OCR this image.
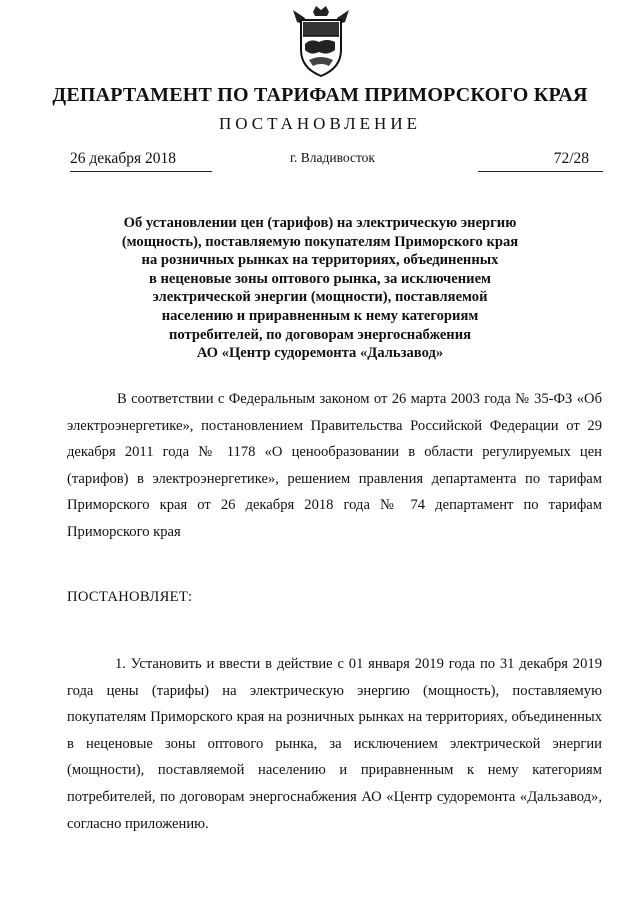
ДЕПАРТАМЕНТ ПО ТАРИФАМ ПРИМОРСКОГО КРАЯ
ПОСТАНОВЛЕНИЕ
26 декабря 2018	г. Владивосток	72/28
Об установлении цен (тарифов) на электрическую энергию
(мощность), поставляемую покупателям Приморского края
на розничных рынках на территориях, объединенных
в неценовые зоны оптового рынка, за исключением
электрической энергии (мощности), поставляемой
населению и приравненным к нему категориям
потребителей, по договорам энергоснабжения
АО «Центр судоремонта «Дальзавод»
В соответствии с Федеральным законом от 26 марта 2003 года № 35-ФЗ «Об электроэнергетике», постановлением Правительства Российской Федерации от 29 декабря 2011 года № 1178 «О ценообразовании в области регулируемых цен (тарифов) в электроэнергетике», решением правления департамента по тарифам Приморского края от 26 декабря 2018 года № 74 департамент по тарифам Приморского края
ПОСТАНОВЛЯЕТ:
1. Установить и ввести в действие с 01 января 2019 года по 31 декабря 2019 года цены (тарифы) на электрическую энергию (мощность), поставляемую покупателям Приморского края на розничных рынках на территориях, объединенных в неценовые зоны оптового рынка, за исключением электрической энергии (мощности), поставляемой населению и приравненным к нему категориям потребителей, по договорам энергоснабжения АО «Центр судоремонта «Дальзавод», согласно приложению.
